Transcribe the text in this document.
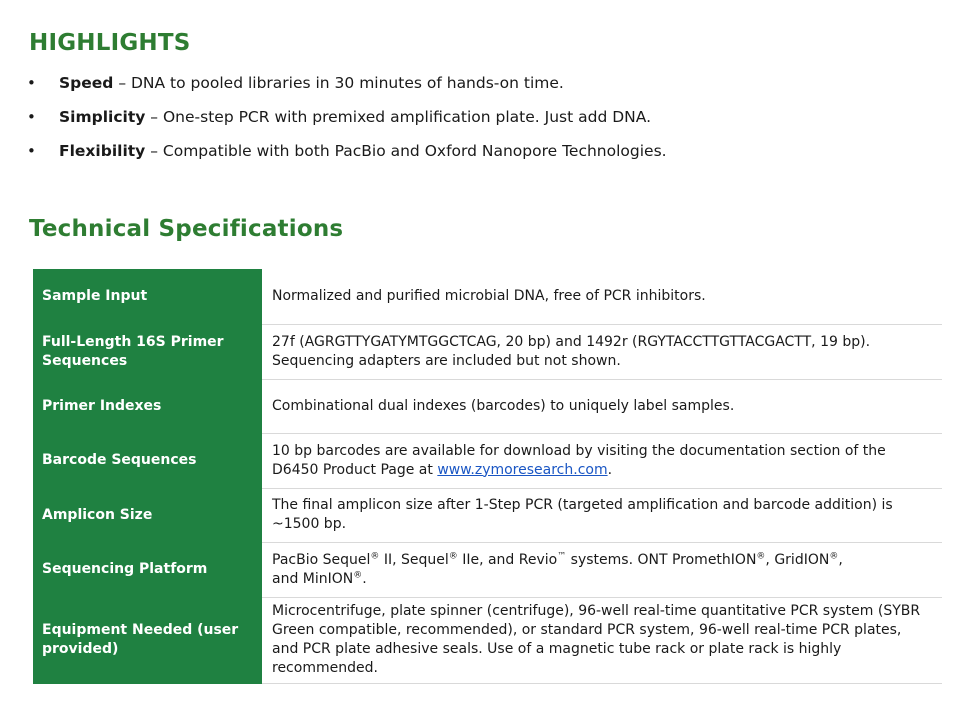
HIGHLIGHTS
• Speed – DNA to pooled libraries in 30 minutes of hands-on time.
• Simplicity – One-step PCR with premixed amplification plate. Just add DNA.
• Flexibility – Compatible with both PacBio and Oxford Nanopore Technologies.
Technical Specifications
Sample Input	Normalized and purified microbial DNA, free of PCR inhibitors.
Full-Length 16S Primer Sequences	27f (AGRGTTYGATYMTGGCTCAG, 20 bp) and 1492r (RGYTACCTTGTTACGACTT, 19 bp).
Sequencing adapters are included but not shown.
Primer Indexes	Combinational dual indexes (barcodes) to uniquely label samples.
Barcode Sequences	10 bp barcodes are available for download by visiting the documentation section of the D6450 Product Page at www.zymoresearch.com.
Amplicon Size	The final amplicon size after 1-Step PCR (targeted amplification and barcode addition) is ~1500 bp.
Sequencing Platform	PacBio Sequel® II, Sequel® IIe, and Revio™ systems. ONT PromethION®, GridION®,
and MinION®.
Equipment Needed (user provided)	Microcentrifuge, plate spinner (centrifuge), 96-well real-time quantitative PCR system (SYBR Green compatible, recommended), or standard PCR system, 96-well real-time PCR plates, and PCR plate adhesive seals. Use of a magnetic tube rack or plate rack is highly recommended.
